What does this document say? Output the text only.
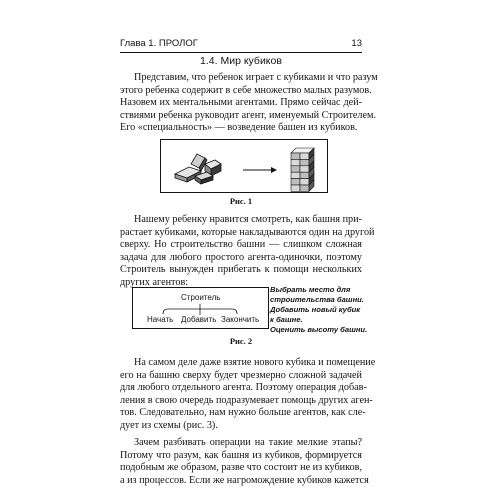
Глава 1. ПРОЛОГ	13
1.4. Мир кубиков
Представим, что ребенок играет с кубиками и что разум
этого ребенка содержит в себе множество малых разумов.
Назовем их ментальными агентами. Прямо сейчас дей-
ствиями ребенка руководит агент, именуемый Строителем.
Его «специальность» — возведение башен из кубиков.
Рис. 1
Нашему ребенку нравится смотреть, как башня при-
растает кубиками, которые накладываются один на другой
сверху. Но строительство башни — слишком сложная
задача для любого простого агента-одиночки, поэтому
Строитель вынужден прибегать к помощи нескольких
других агентов:
Строитель
Начать Добавить Закончить
Выбрать место для
строительства башни.
Добавить новый кубик
к башне.
Оценить высоту башни.
Рис. 2
На самом деле даже взятие нового кубика и помещение
его на башню сверху будет чрезмерно сложной задачей
для любого отдельного агента. Поэтому операция добав-
ления в свою очередь подразумевает помощь других аген-
тов. Следовательно, нам нужно больше агентов, как сле-
дует из схемы (рис. 3).
Зачем разбивать операции на такие мелкие этапы?
Потому что разум, как башня из кубиков, формируется
подобным же образом, разве что состоит не из кубиков,
а из процессов. Если же нагромождение кубиков кажется
